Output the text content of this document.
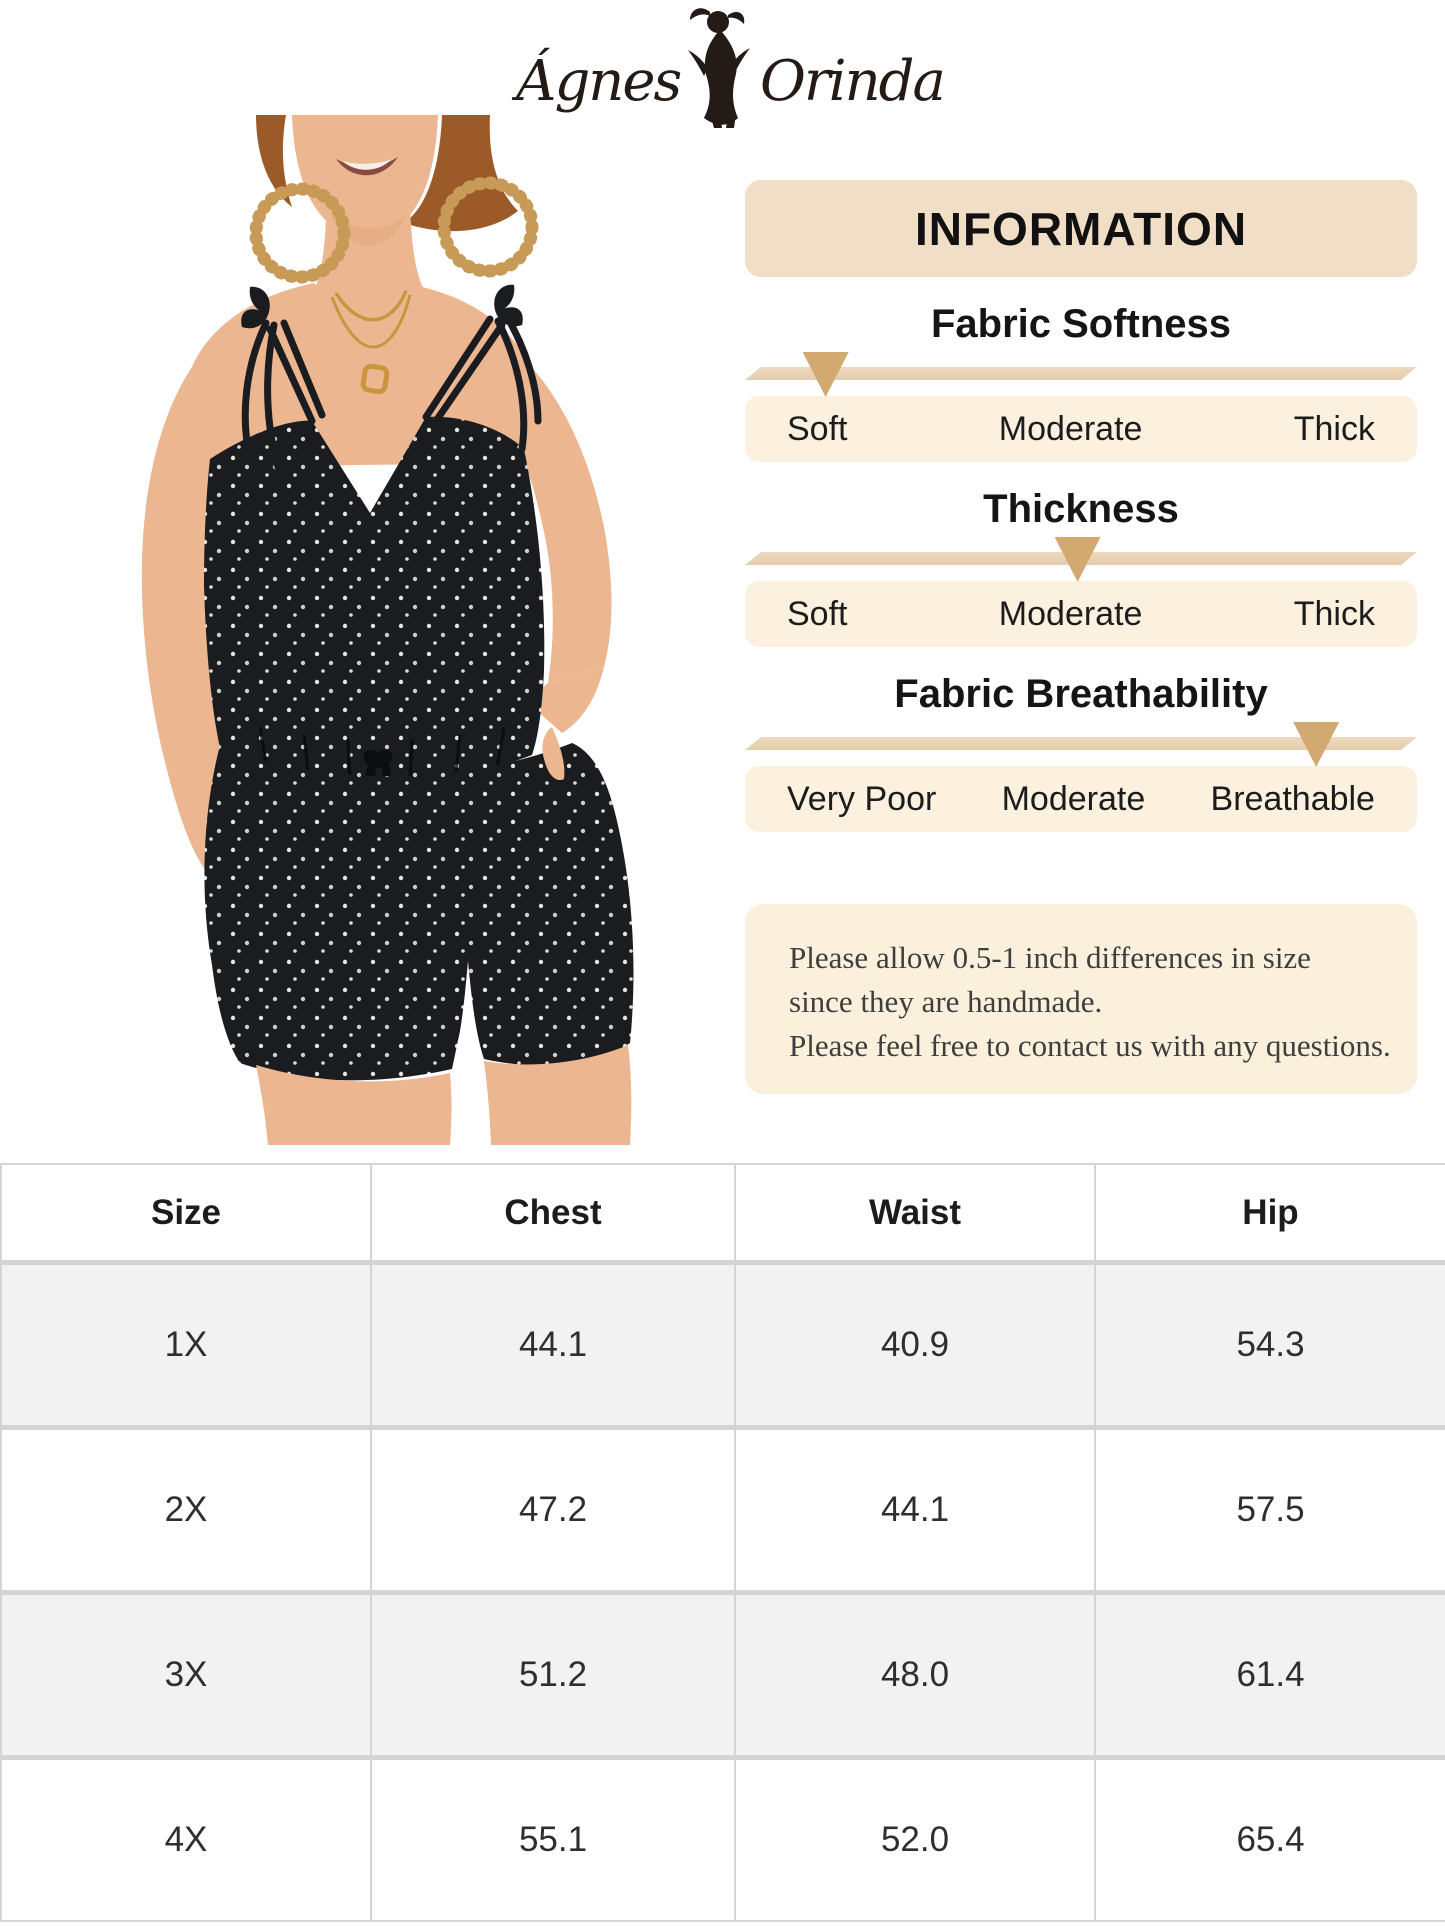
Ágnes Orinda
INFORMATION
Fabric Softness
Soft	Moderate	Thick
Thickness
Soft	Moderate	Thick
Fabric Breathability
Very Poor Moderate Breathable
Please allow 0.5-1 inch differences in size
since they are handmade.
Please feel free to contact us with any questions.
Size	Chest	Waist	Hip
1X	44.1	40.9	54.3
2X	47.2	44.1	57.5
3X	51.2	48.0	61.4
4X	55.1	52.0	65.4
